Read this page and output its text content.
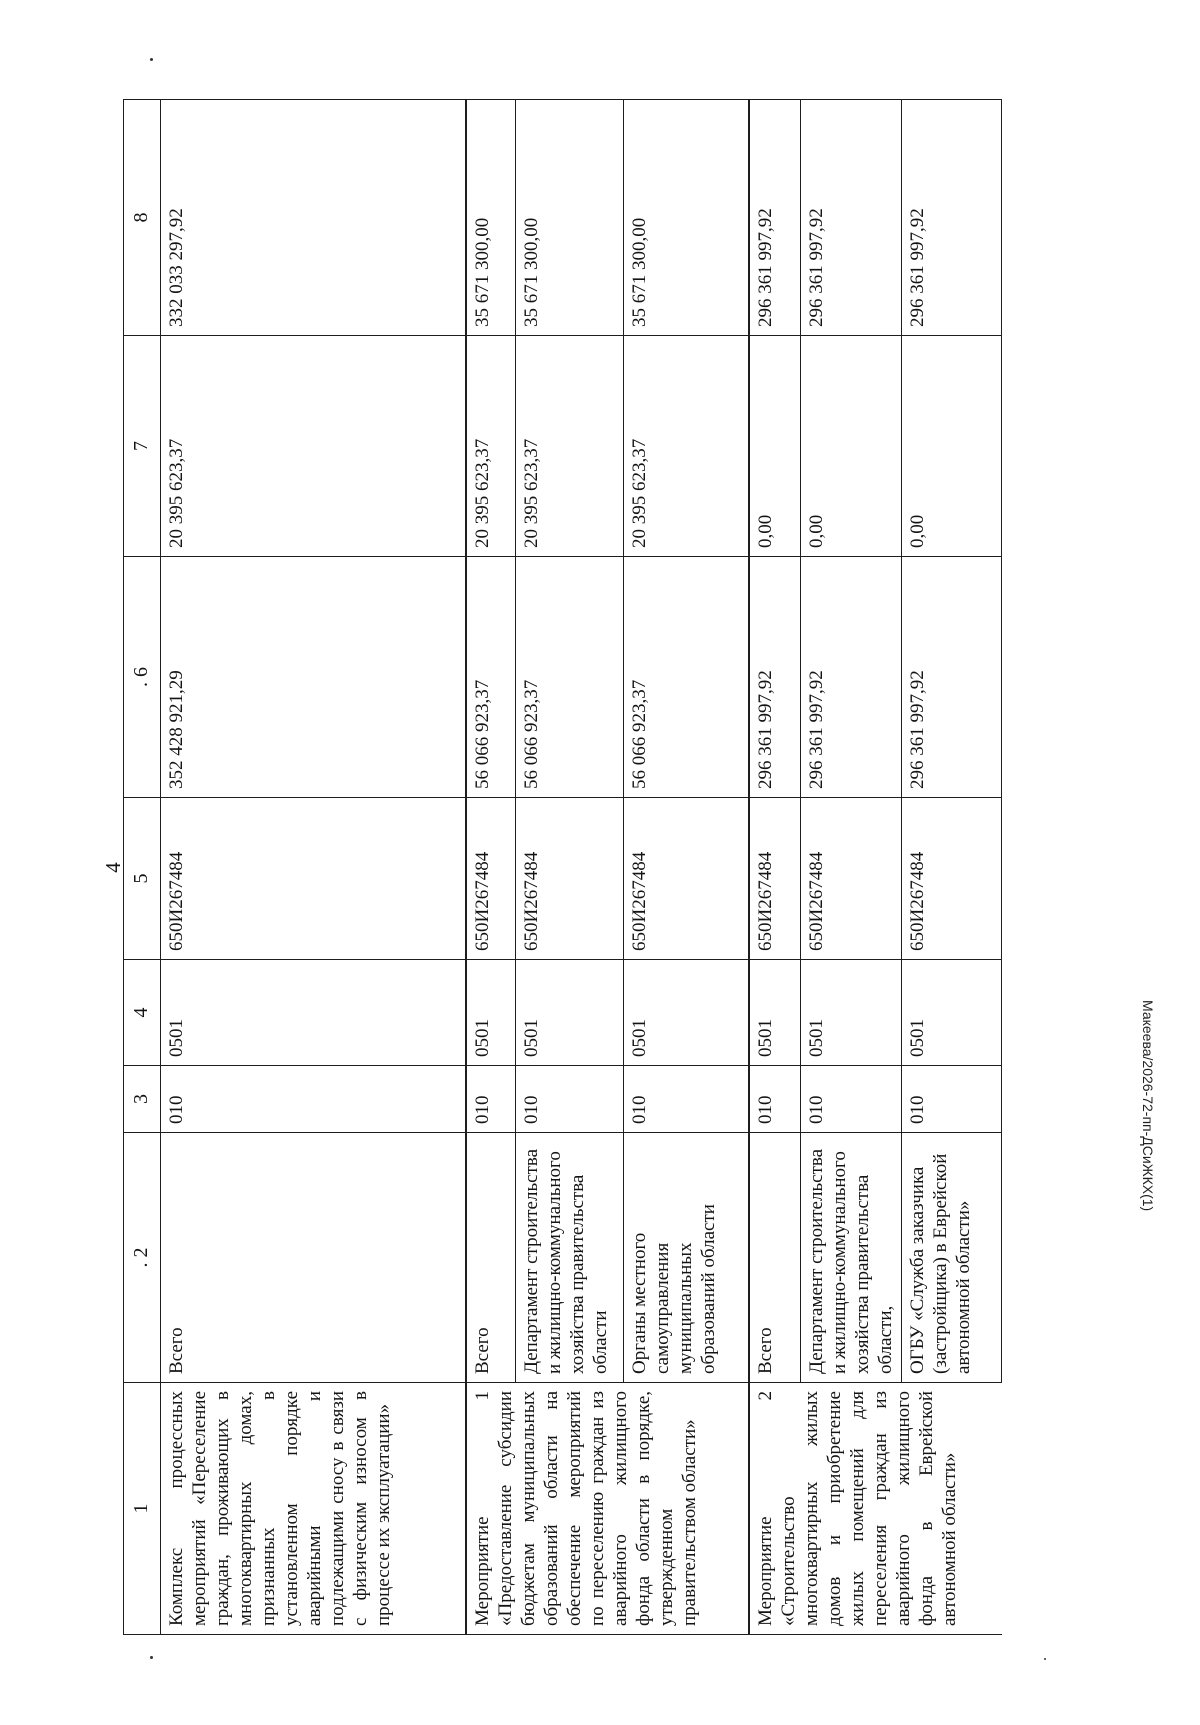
4
1	. 2	3	4	5	. 6	7	8
Комплекс процессных мероприятий «Переселение граждан, проживающих в многоквартирных домах, признанных в установленном порядке аварийными и подлежащими сносу в связи с физическим износом в процессе их эксплуатации»	Всего	010	0501	650И267484	352 428 921,29	20 395 623,37	332 033 297,92
Мероприятие 1 «Предоставление субсидии бюджетам муниципальных образований области на обеспечение мероприятий по переселению граждан из аварийного жилищного фонда области в порядке, утвержденном правительством области»	Всего	010	0501	650И267484	56 066 923,37	20 395 623,37	35 671 300,00
	Департамент строительства и жилищно-коммунального хозяйства правительства области	010	0501	650И267484	56 066 923,37	20 395 623,37	35 671 300,00
	Органы местного самоуправления муниципальных образований области	010	0501	650И267484	56 066 923,37	20 395 623,37	35 671 300,00
Мероприятие 2 «Строительство многоквартирных жилых домов и приобретение жилых помещений для переселения граждан из аварийного жилищного фонда в Еврейской автономной области»	Всего	010	0501	650И267484	296 361 997,92	0,00	296 361 997,92
	Департамент строительства и жилищно-коммунального хозяйства правительства области,	010	0501	650И267484	296 361 997,92	0,00	296 361 997,92
	ОГБУ «Служба заказчика (застройщика) в Еврейской автономной области»	010	0501	650И267484	296 361 997,92	0,00	296 361 997,92
Макеева/2026-72-пп-ДСиЖКХ(1)
